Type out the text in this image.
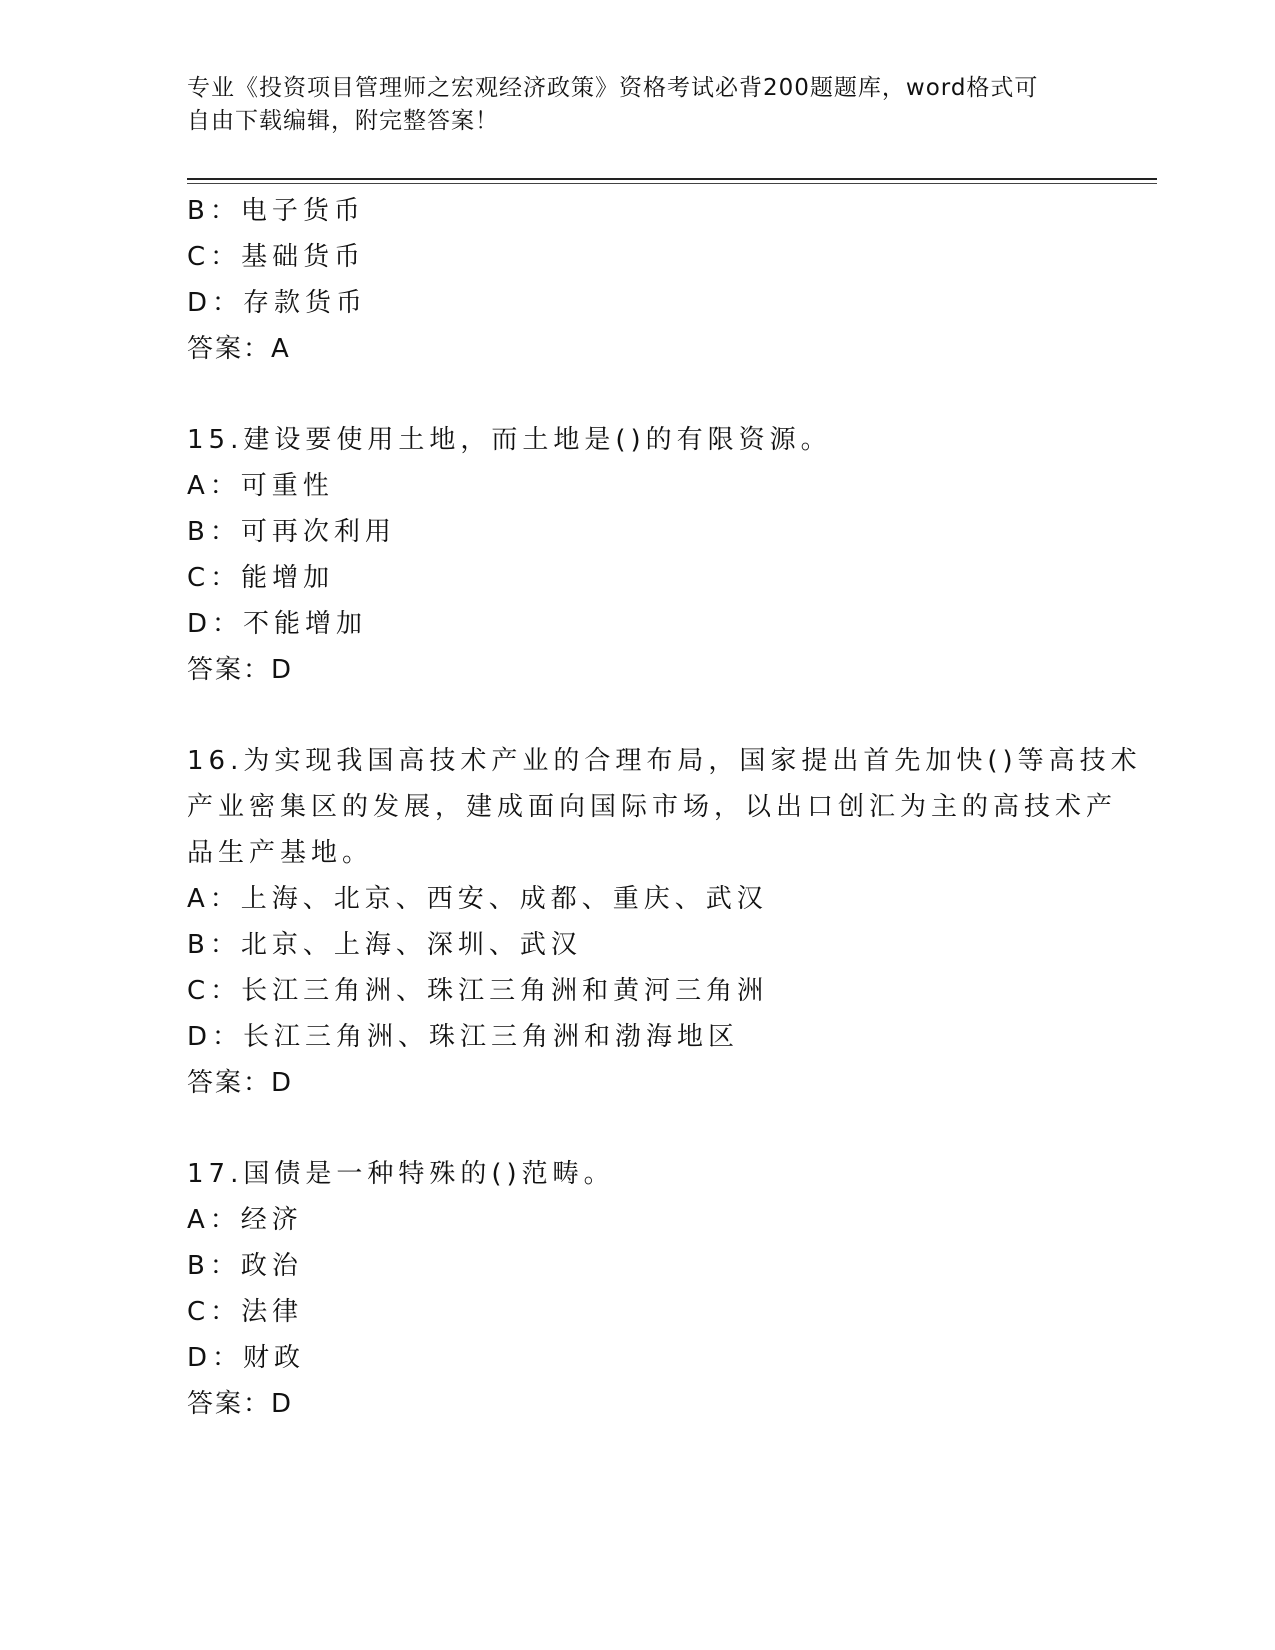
专业《投资项目管理师之宏观经济政策》资格考试必背200题题库，word格式可
自由下载编辑，附完整答案！
B：电子货币
C：基础货币
D：存款货币
答案：A
15.建设要使用土地，而土地是()的有限资源。
A：可重性
B：可再次利用
C：能增加
D：不能增加
答案：D
16.为实现我国高技术产业的合理布局，国家提出首先加快()等高技术
产业密集区的发展，建成面向国际市场，以出口创汇为主的高技术产
品生产基地。
A：上海、北京、西安、成都、重庆、武汉
B：北京、上海、深圳、武汉
C：长江三角洲、珠江三角洲和黄河三角洲
D：长江三角洲、珠江三角洲和渤海地区
答案：D
17.国债是一种特殊的()范畴。
A：经济
B：政治
C：法律
D：财政
答案：D
